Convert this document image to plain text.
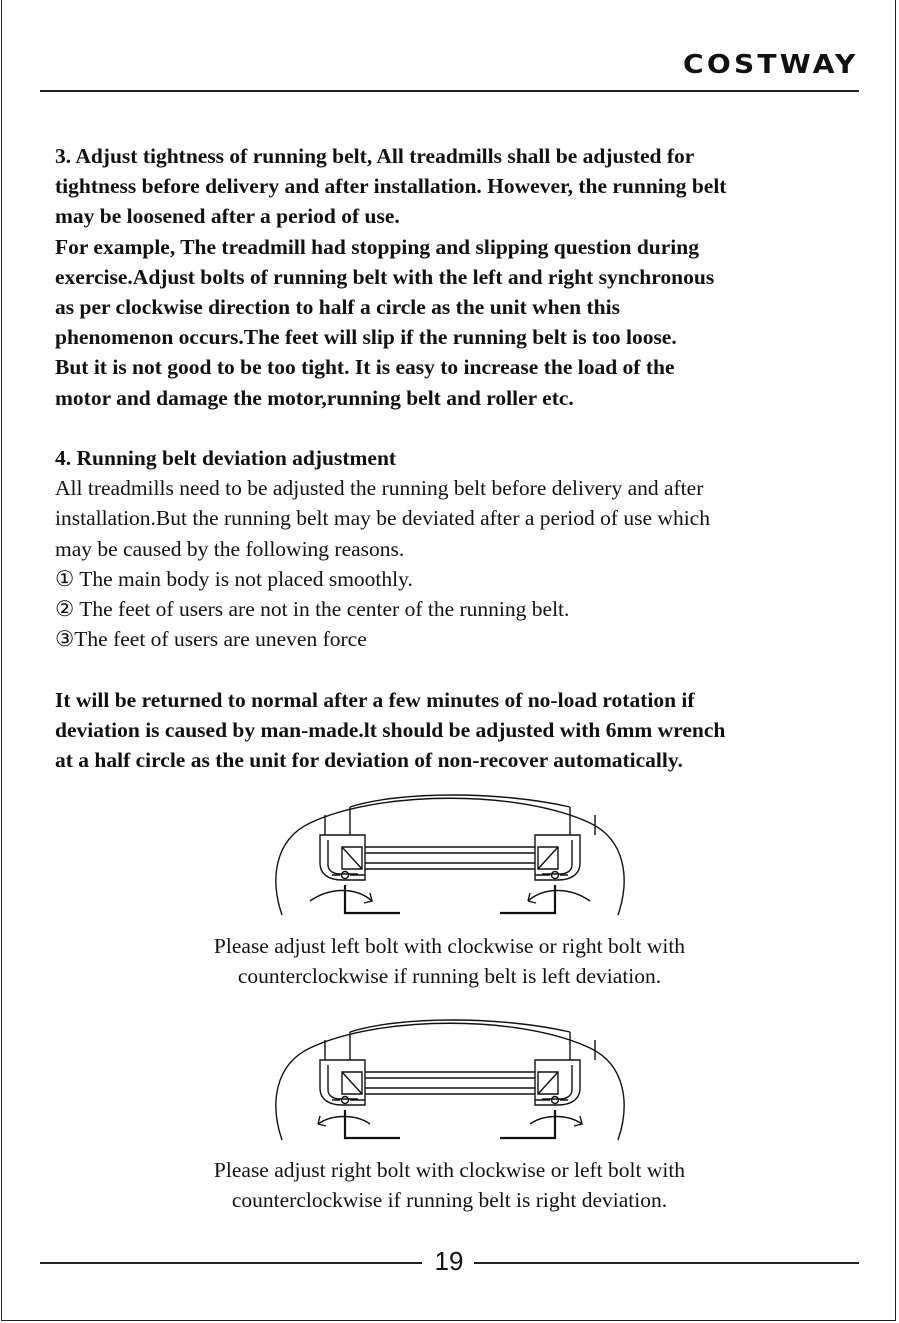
COSTWAY
3. Adjust tightness of running belt, All treadmills shall be adjusted for
tightness before delivery and after installation. However, the running belt
may be loosened after a period of use.
For example, The treadmill had stopping and slipping question during
exercise.Adjust bolts of running belt with the left and right synchronous
as per clockwise direction to half a circle as the unit when this
phenomenon occurs.The feet will slip if the running belt is too loose.
But it is not good to be too tight. It is easy to increase the load of the
motor and damage the motor,running belt and roller etc.
4. Running belt deviation adjustment
All treadmills need to be adjusted the running belt before delivery and after
installation.But the running belt may be deviated after a period of use which
may be caused by the following reasons.
① The main body is not placed smoothly.
② The feet of users are not in the center of the running belt.
③The feet of users are uneven force
It will be returned to normal after a few minutes of no-load rotation if
deviation is caused by man-made.lt should be adjusted with 6mm wrench
at a half circle as the unit for deviation of non-recover automatically.
Please adjust left bolt with clockwise or right bolt with
counterclockwise if running belt is left deviation.
Please adjust right bolt with clockwise or left bolt with
counterclockwise if running belt is right deviation.
19
